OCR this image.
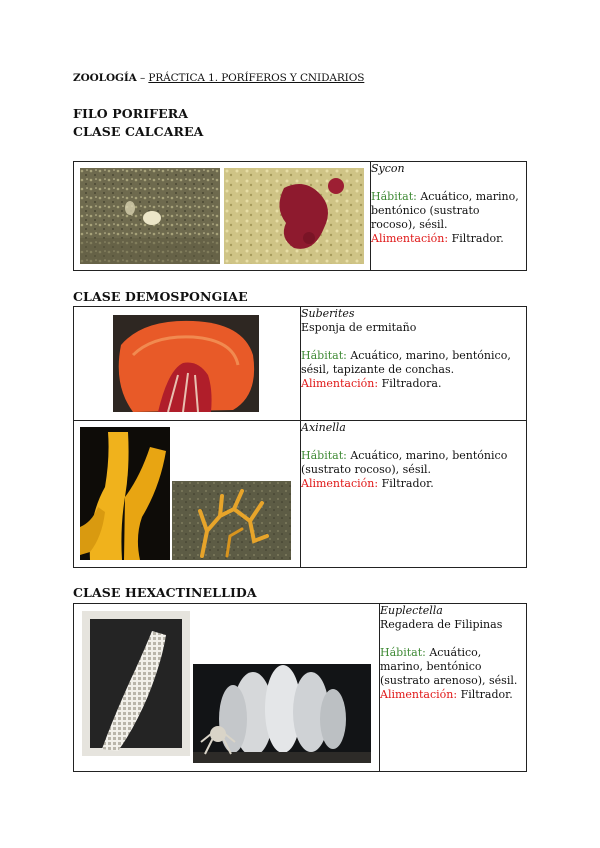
ZOOLOGÍA – PRÁCTICA 1. PORÍFEROS Y CNIDARIOS
FILO PORIFERA
CLASE CALCAREA

Sycon
Hábitat: Acuático, marino, bentónico (sustrato rocoso), sésil.
Alimentación: Filtrador.
CLASE DEMOSPONGIAE

Suberites
Esponja de ermitaño
Hábitat: Acuático, marino, bentónico, sésil, tapizante de conchas.
Alimentación: Filtradora.

Axinella
Hábitat: Acuático, marino, bentónico (sustrato rocoso), sésil.
Alimentación: Filtrador.
CLASE HEXACTINELLIDA

Euplectella
Regadera de Filipinas
Hábitat: Acuático, marino, bentónico (sustrato arenoso), sésil.
Alimentación: Filtrador.
